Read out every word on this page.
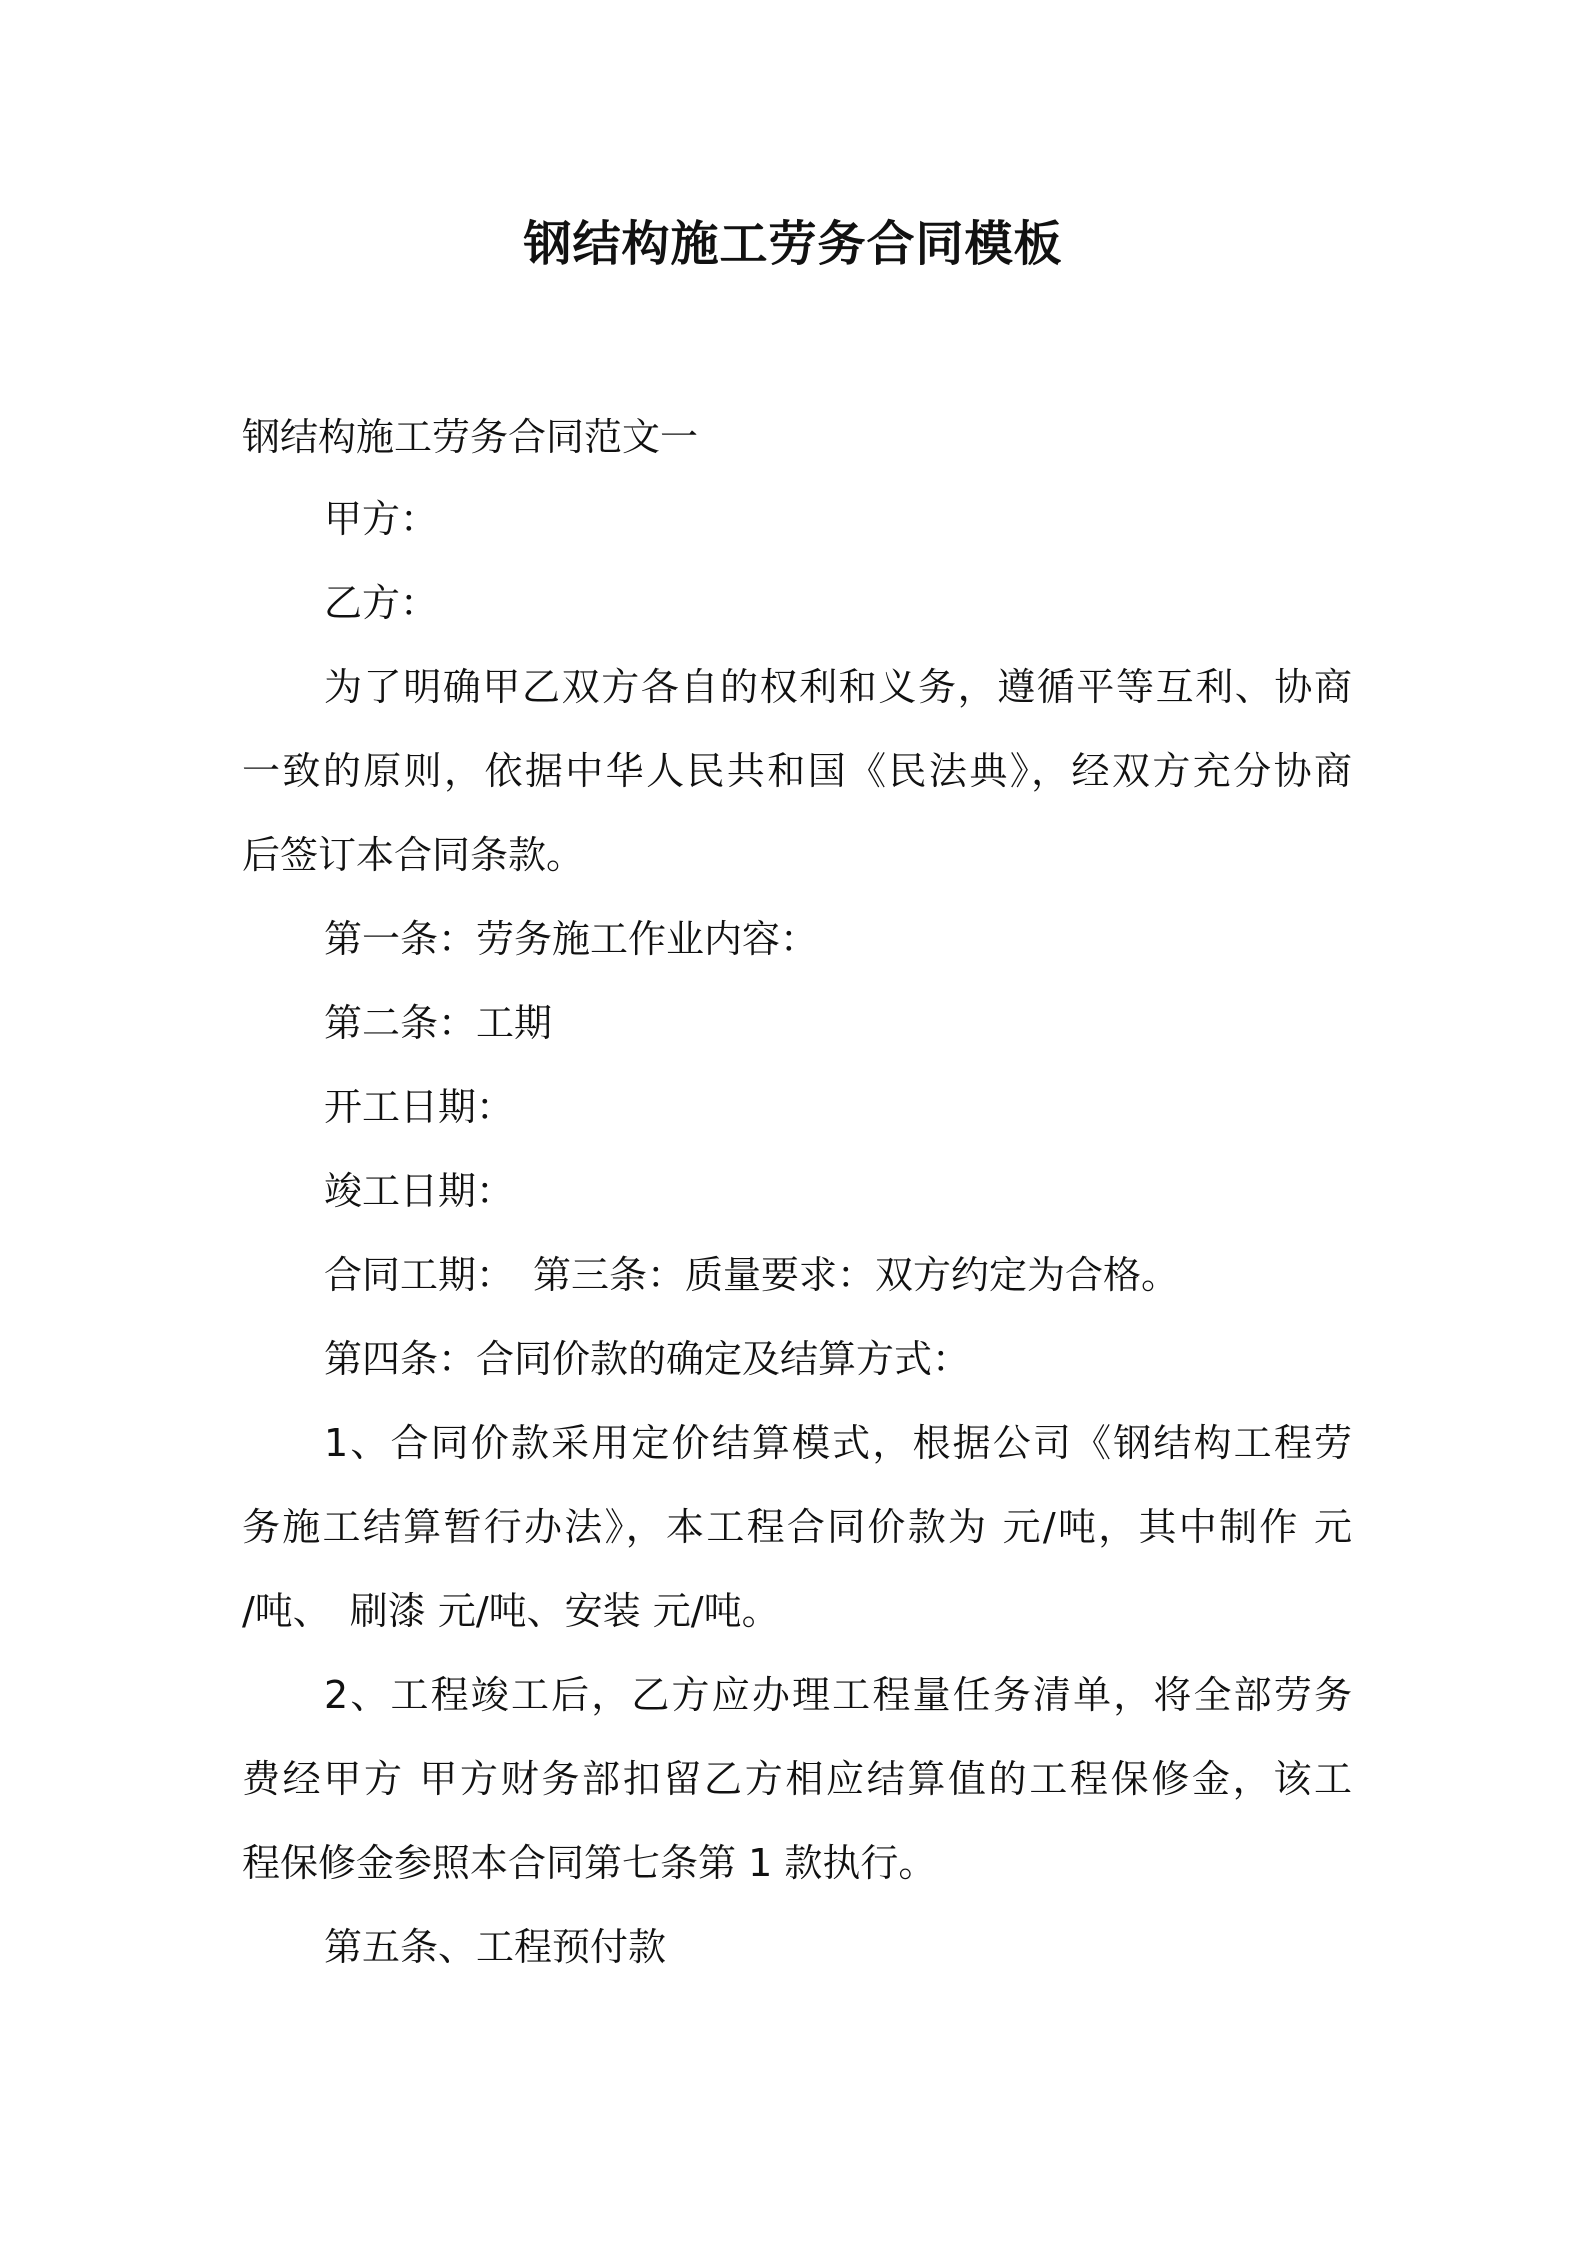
钢结构施工劳务合同模板
钢结构施工劳务合同范文一
甲方：
乙方：
为了明确甲乙双方各自的权利和义务，遵循平等互利、协商
一致的原则，依据中华人民共和国《民法典》，经双方充分协商
后签订本合同条款。
第一条：劳务施工作业内容：
第二条：工期
开工日期：
竣工日期：
合同工期：　第三条：质量要求：双方约定为合格。
第四条：合同价款的确定及结算方式：
1、合同价款采用定价结算模式，根据公司《钢结构工程劳
务施工结算暂行办法》，本工程合同价款为 元/吨，其中制作 元
/吨、　刷漆 元/吨、安装 元/吨。
2、工程竣工后，乙方应办理工程量任务清单，将全部劳务
费经甲方 甲方财务部扣留乙方相应结算值的工程保修金，该工
程保修金参照本合同第七条第 1 款执行。
第五条、工程预付款
